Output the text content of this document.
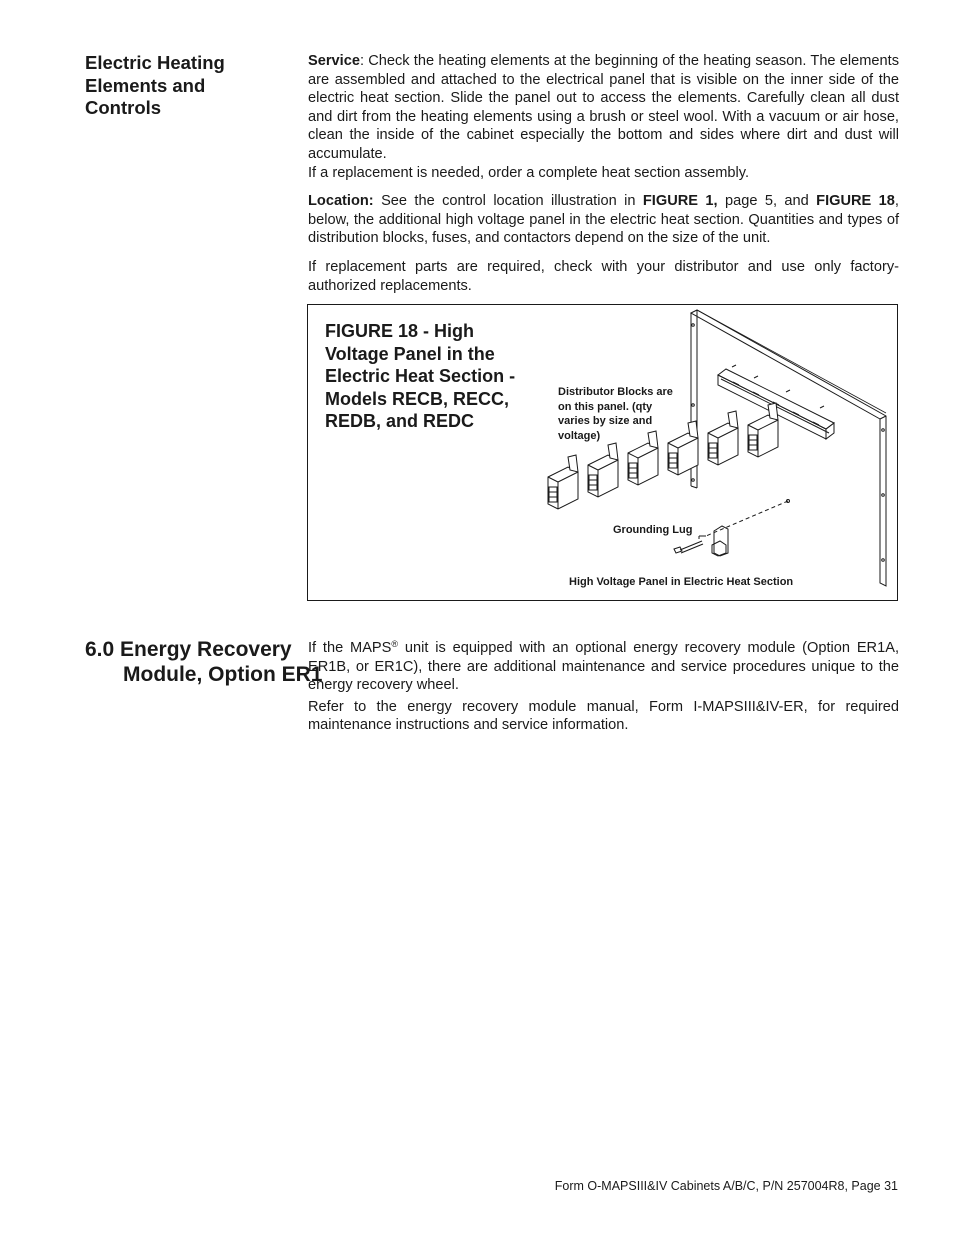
Electric Heating Elements and Controls

Service: Check the heating elements at the beginning of the heating season. The elements are assembled and attached to the electrical panel that is visible on the inner side of the electric heat section. Slide the panel out to access the elements. Carefully clean all dust and dirt from the heating elements using a brush or steel wool. With a vacuum or air hose, clean the inside of the cabinet especially the bottom and sides where dirt and dust will accumulate.

If a replacement is needed, order a complete heat section assembly.

Location: See the control location illustration in FIGURE 1, page 5, and FIGURE 18, below, the additional high voltage panel in the electric heat section. Quantities and types of distribution blocks, fuses, and contactors depend on the size of the unit.

If replacement parts are required, check with your distributor and use only factory-authorized replacements.

FIGURE 18 - High Voltage Panel in the Electric Heat Section - Models RECB, RECC, REDB, and REDC
Distributor Blocks are on this panel. (qty varies by size and voltage)
Grounding Lug
High Voltage Panel in Electric Heat Section
6.0 Energy Recovery Module, Option ER1

If the MAPS® unit is equipped with an optional energy recovery module (Option ER1A, ER1B, or ER1C), there are additional maintenance and service procedures unique to the energy recovery wheel.

Refer to the energy recovery module manual, Form I-MAPSIII&IV-ER, for required maintenance instructions and service information.

Form O-MAPSIII&IV Cabinets A/B/C, P/N 257004R8, Page 31
